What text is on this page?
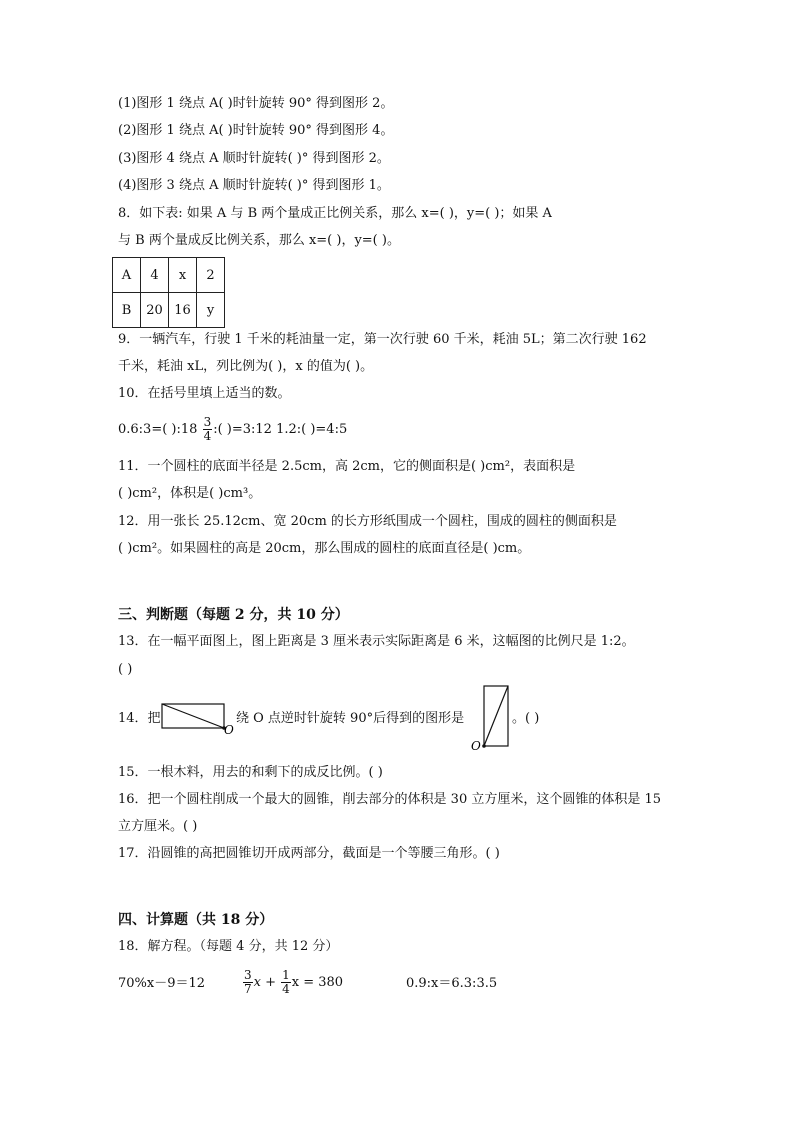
(1)图形 1 绕点 A( )时针旋转 90° 得到图形 2。
(2)图形 1 绕点 A( )时针旋转 90° 得到图形 4。
(3)图形 4 绕点 A 顺时针旋转( )° 得到图形 2。
(4)图形 3 绕点 A 顺时针旋转( )° 得到图形 1。
8．如下表: 如果 A 与 B 两个量成正比例关系，那么 x=( )，y=( )；如果 A
与 B 两个量成反比例关系，那么 x=( )，y=( )。
A	4	x	2
B	20	16	y
9．一辆汽车，行驶 1 千米的耗油量一定，第一次行驶 60 千米，耗油 5L；第二次行驶 162
千米，耗油 xL，列比例为( )，x 的值为( )。
10．在括号里填上适当的数。
0.6:3=( ):18 $\frac{3}{4}$ :( )=3:12 1.2:( )=4:5
11．一个圆柱的底面半径是 2.5cm，高 2cm，它的侧面积是( )cm²，表面积是
( )cm²，体积是( )cm³。
12．用一张长 25.12cm、宽 20cm 的长方形纸围成一个圆柱，围成的圆柱的侧面积是
( )cm²。如果圆柱的高是 20cm，那么围成的圆柱的底面直径是( )cm。
三、判断题（每题 2 分，共 10 分）
13．在一幅平面图上，图上距离是 3 厘米表示实际距离是 6 米，这幅图的比例尺是 1:2。
( )
14．把
O
绕 O 点逆时针旋转 90°后得到的图形是
O
。( )
15．一根木料，用去的和剩下的成反比例。( )
16．把一个圆柱削成一个最大的圆锥，削去部分的体积是 30 立方厘米，这个圆锥的体积是 15
立方厘米。( )
17．沿圆锥的高把圆锥切开成两部分，截面是一个等腰三角形。( )
四、计算题（共 18 分）
18．解方程。（每题 4 分，共 12 分）
70%x－9＝12	$\frac{3}{7}$ $x + \frac{1}{4}$ x = 380	0.9:x＝6.3:3.5
